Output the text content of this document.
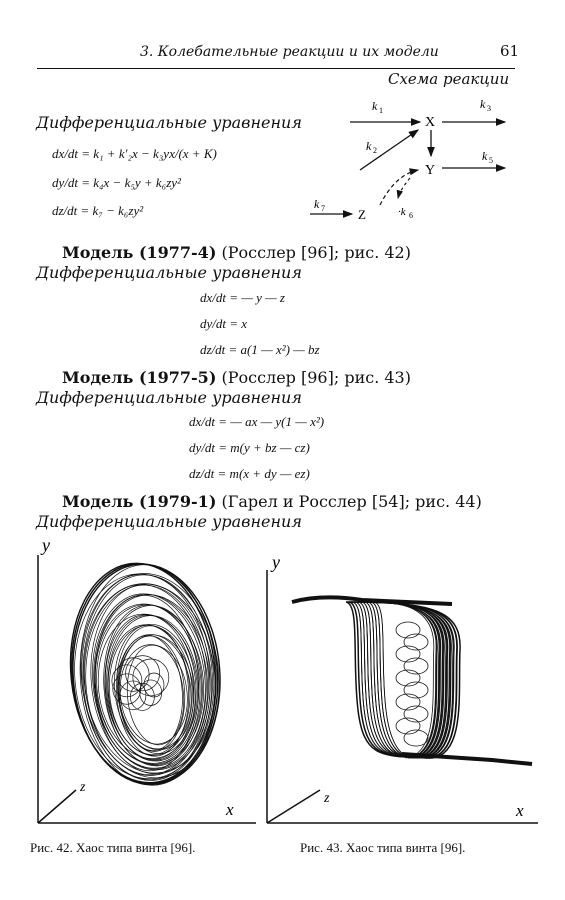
3. Колебательные реакции и их модели	61
Схема реакции
k 1
X
k 3
k 2
Y
k 5
k 7	Z	·k 6
Дифференциальные уравнения
dx/dt = k₁ + k′₂x − k₃yx/(x + K)
dy/dt = k₄x − k₅y + k₆zy²
dz/dt = k₇ − k₆zy²
Модель (1977-4) (Росслер [96]; рис. 42)
Дифференциальные уравнения
dx/dt = — y — z
dy/dt = x
dz/dt = a(1 — x²) — bz
Модель (1977-5) (Росслер [96]; рис. 43)
Дифференциальные уравнения
dx/dt = — ax — y(1 — x²)
dy/dt = m(y + bz — cz)
dz/dt = m(x + dy — ez)
Модель (1979-1) (Гарел и Росслер [54]; рис. 44)
Дифференциальные уравнения
y
x
z
Рис. 42. Хаос типа винта [96].
y
x
z
Рис. 43. Хаос типа винта [96].
